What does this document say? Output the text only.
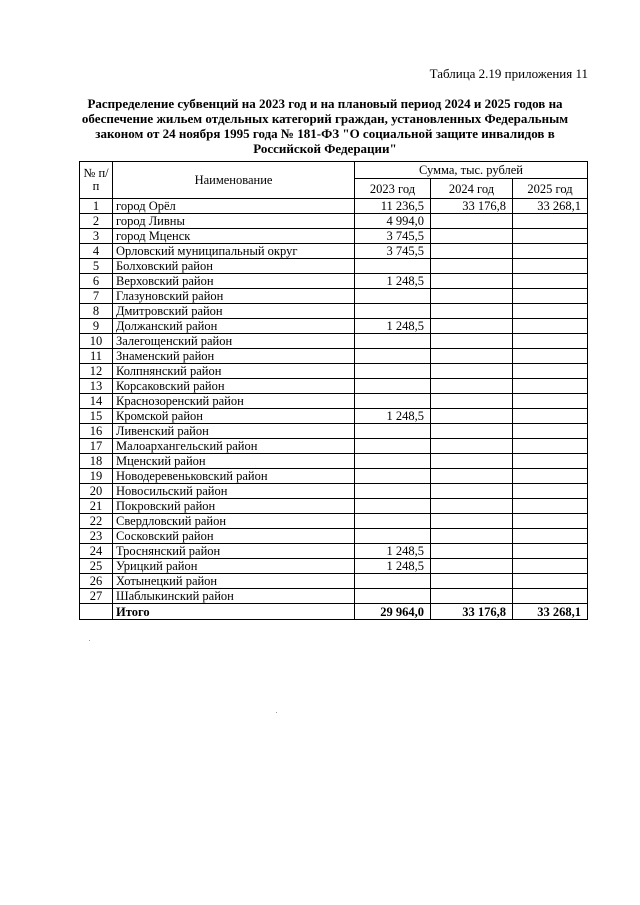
Таблица 2.19 приложения 11
Распределение субвенций на 2023 год и на плановый период 2024 и 2025 годов на обеспечение жильем отдельных категорий граждан, установленных Федеральным законом от 24 ноября 1995 года № 181-ФЗ "О социальной защите инвалидов в Российской Федерации"
№ п/п	Наименование	Сумма, тыс. рублей		
		2023 год	2024 год	2025 год
1	город Орёл	11 236,5	33 176,8	33 268,1
2	город Ливны	4 994,0		
3	город Мценск	3 745,5		
4	Орловский муниципальный округ	3 745,5		
5	Болховский район			
6	Верховский район	1 248,5		
7	Глазуновский район			
8	Дмитровский район			
9	Должанский район	1 248,5		
10	Залегощенский район			
11	Знаменский район			
12	Колпнянский район			
13	Корсаковский район			
14	Краснозоренский район			
15	Кромской район	1 248,5		
16	Ливенский район			
17	Малоархангельский район			
18	Мценский район			
19	Новодеревеньковский район			
20	Новосильский район			
21	Покровский район			
22	Свердловский район			
23	Сосковский район			
24	Троснянский район	1 248,5		
25	Урицкий район	1 248,5		
26	Хотынецкий район			
27	Шаблыкинский район			
	Итого	29 964,0	33 176,8	33 268,1
